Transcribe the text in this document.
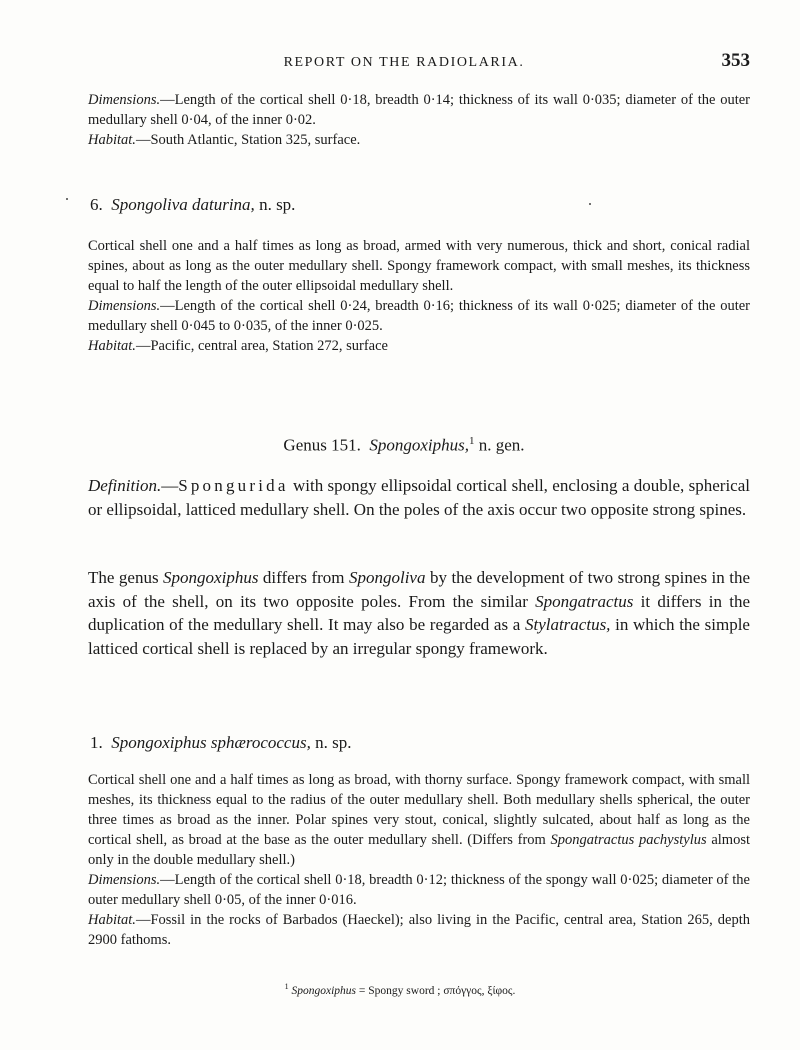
REPORT ON THE RADIOLARIA.	353

Dimensions.—Length of the cortical shell 0·18, breadth 0·14; thickness of its wall 0·035; diameter of the outer medullary shell 0·04, of the inner 0·02.

Habitat.—South Atlantic, Station 325, surface.

6. Spongoliva daturina, n. sp.

Cortical shell one and a half times as long as broad, armed with very numerous, thick and short, conical radial spines, about as long as the outer medullary shell. Spongy framework compact, with small meshes, its thickness equal to half the length of the outer ellipsoidal medullary shell.

Dimensions.—Length of the cortical shell 0·24, breadth 0·16; thickness of its wall 0·025; diameter of the outer medullary shell 0·045 to 0·035, of the inner 0·025.

Habitat.—Pacific, central area, Station 272, surface

Genus 151. Spongoxiphus,$^1$ n. gen.

Definition.—Spongurida with spongy ellipsoidal cortical shell, enclosing a double, spherical or ellipsoidal, latticed medullary shell. On the poles of the axis occur two opposite strong spines.

The genus Spongoxiphus differs from Spongoliva by the development of two strong spines in the axis of the shell, on its two opposite poles. From the similar Spongatractus it differs in the duplication of the medullary shell. It may also be regarded as a Stylatractus, in which the simple latticed cortical shell is replaced by an irregular spongy framework.

1. Spongoxiphus sphærococcus, n. sp.

Cortical shell one and a half times as long as broad, with thorny surface. Spongy framework compact, with small meshes, its thickness equal to the radius of the outer medullary shell. Both medullary shells spherical, the outer three times as broad as the inner. Polar spines very stout, conical, slightly sulcated, about half as long as the cortical shell, as broad at the base as the outer medullary shell. (Differs from Spongatractus pachystylus almost only in the double medullary shell.)

Dimensions.—Length of the cortical shell 0·18, breadth 0·12; thickness of the spongy wall 0·025; diameter of the outer medullary shell 0·05, of the inner 0·016.

Habitat.—Fossil in the rocks of Barbados (Haeckel); also living in the Pacific, central area, Station 265, depth 2900 fathoms.

$^1$ Spongoxiphus = Spongy sword ; σπόγγος, ξίφος.
